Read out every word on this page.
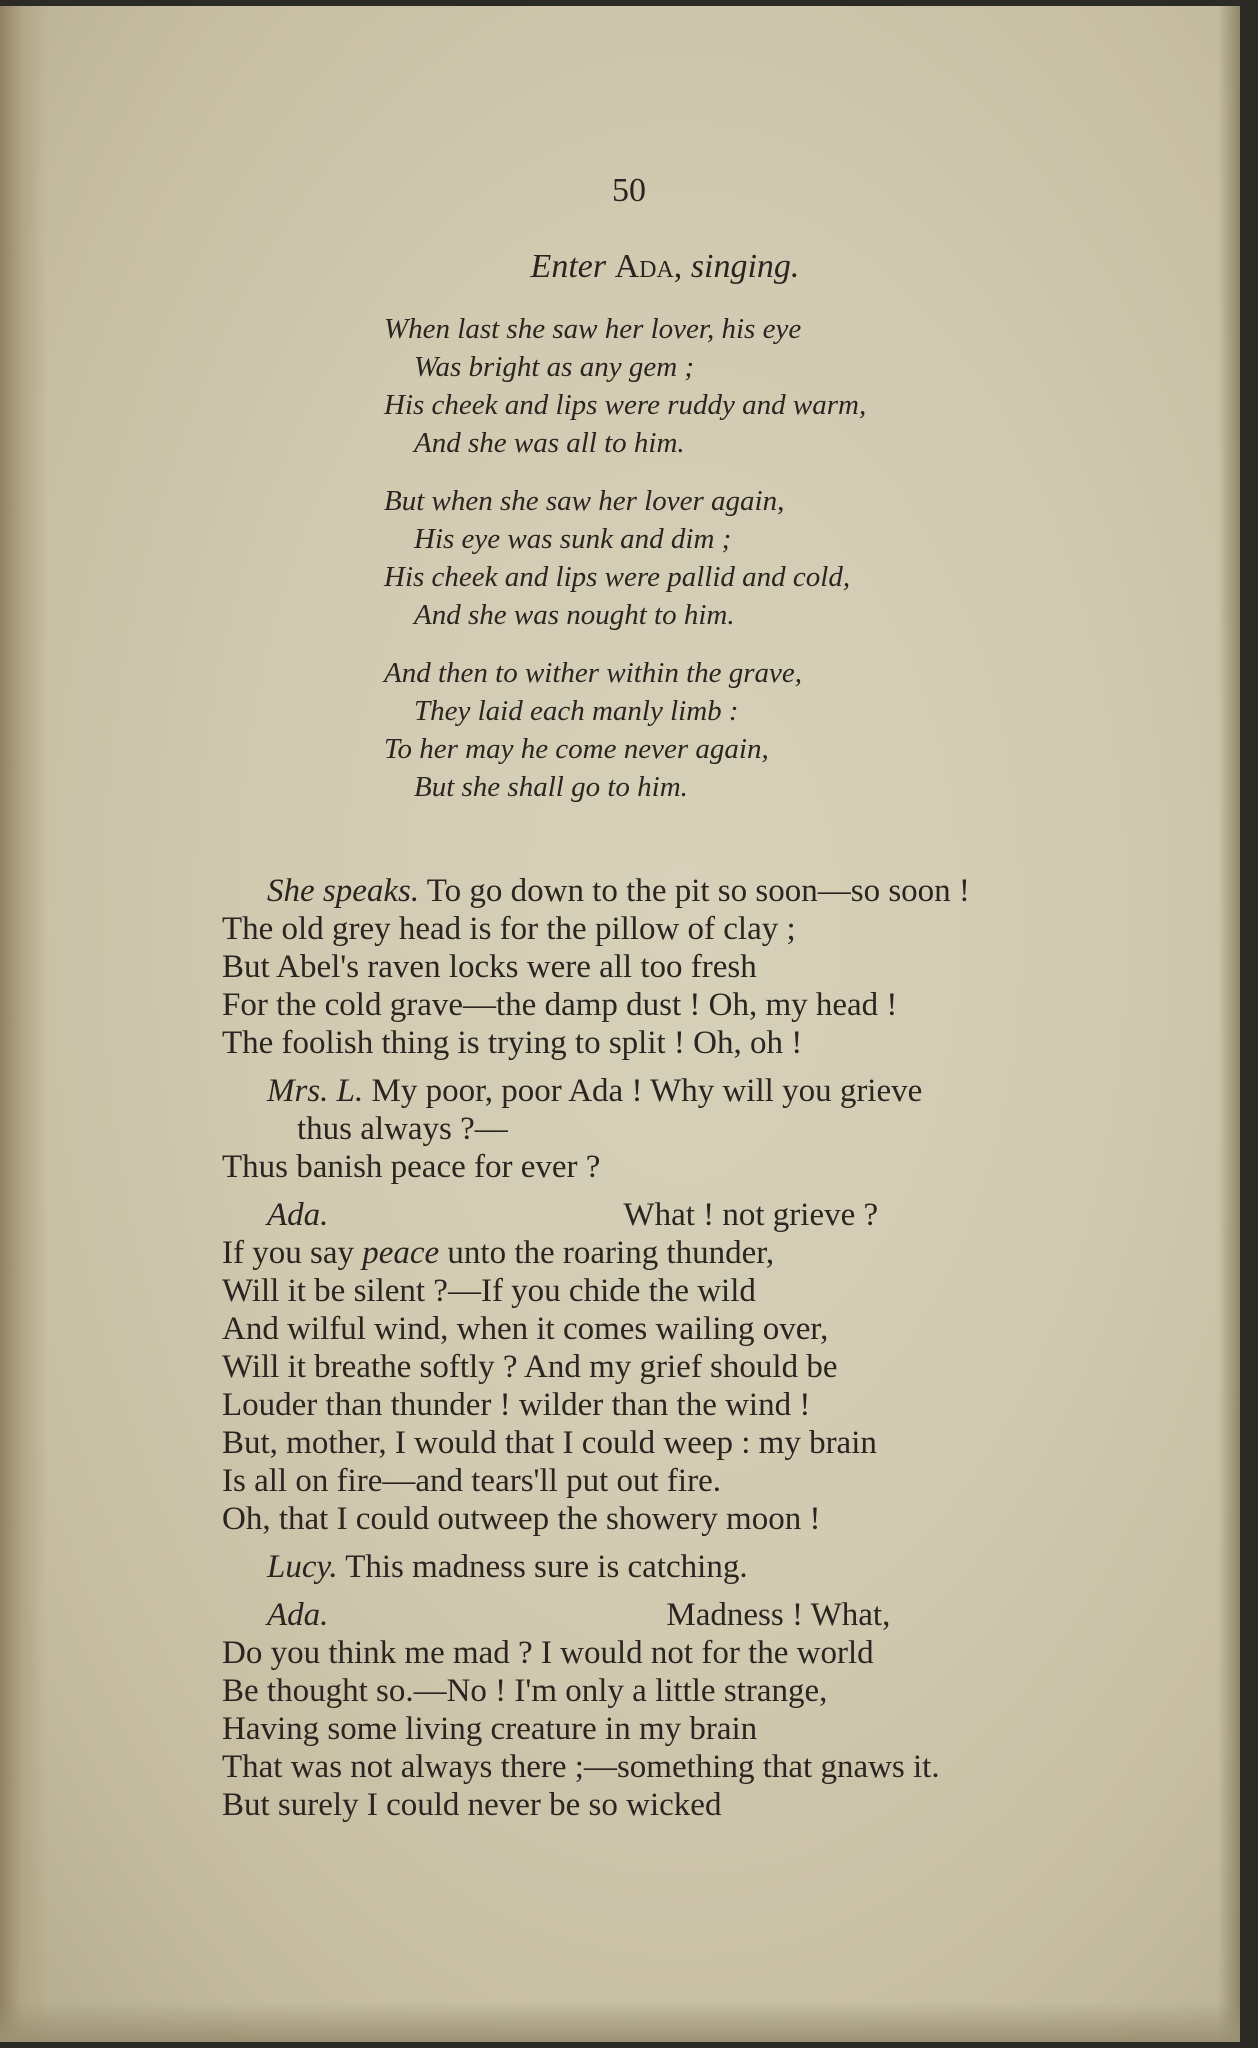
50
Enter Ada, singing.
When last she saw her lover, his eye
Was bright as any gem ;
His cheek and lips were ruddy and warm,
And she was all to him.
But when she saw her lover again,
His eye was sunk and dim ;
His cheek and lips were pallid and cold,
And she was nought to him.
And then to wither within the grave,
They laid each manly limb :
To her may he come never again,
But she shall go to him.
She speaks. To go down to the pit so soon—so soon !
The old grey head is for the pillow of clay ;
But Abel's raven locks were all too fresh
For the cold grave—the damp dust ! Oh, my head !
The foolish thing is trying to split ! Oh, oh !
Mrs. L. My poor, poor Ada ! Why will you grieve
thus always ?—
Thus banish peace for ever ?
Ada.	What ! not grieve ?
If you say peace unto the roaring thunder,
Will it be silent ?—If you chide the wild
And wilful wind, when it comes wailing over,
Will it breathe softly ? And my grief should be
Louder than thunder ! wilder than the wind !
But, mother, I would that I could weep : my brain
Is all on fire—and tears'll put out fire.
Oh, that I could outweep the showery moon !
Lucy. This madness sure is catching.
Ada.	Madness ! What,
Do you think me mad ? I would not for the world
Be thought so.—No ! I'm only a little strange,
Having some living creature in my brain
That was not always there ;—something that gnaws it.
But surely I could never be so wicked
